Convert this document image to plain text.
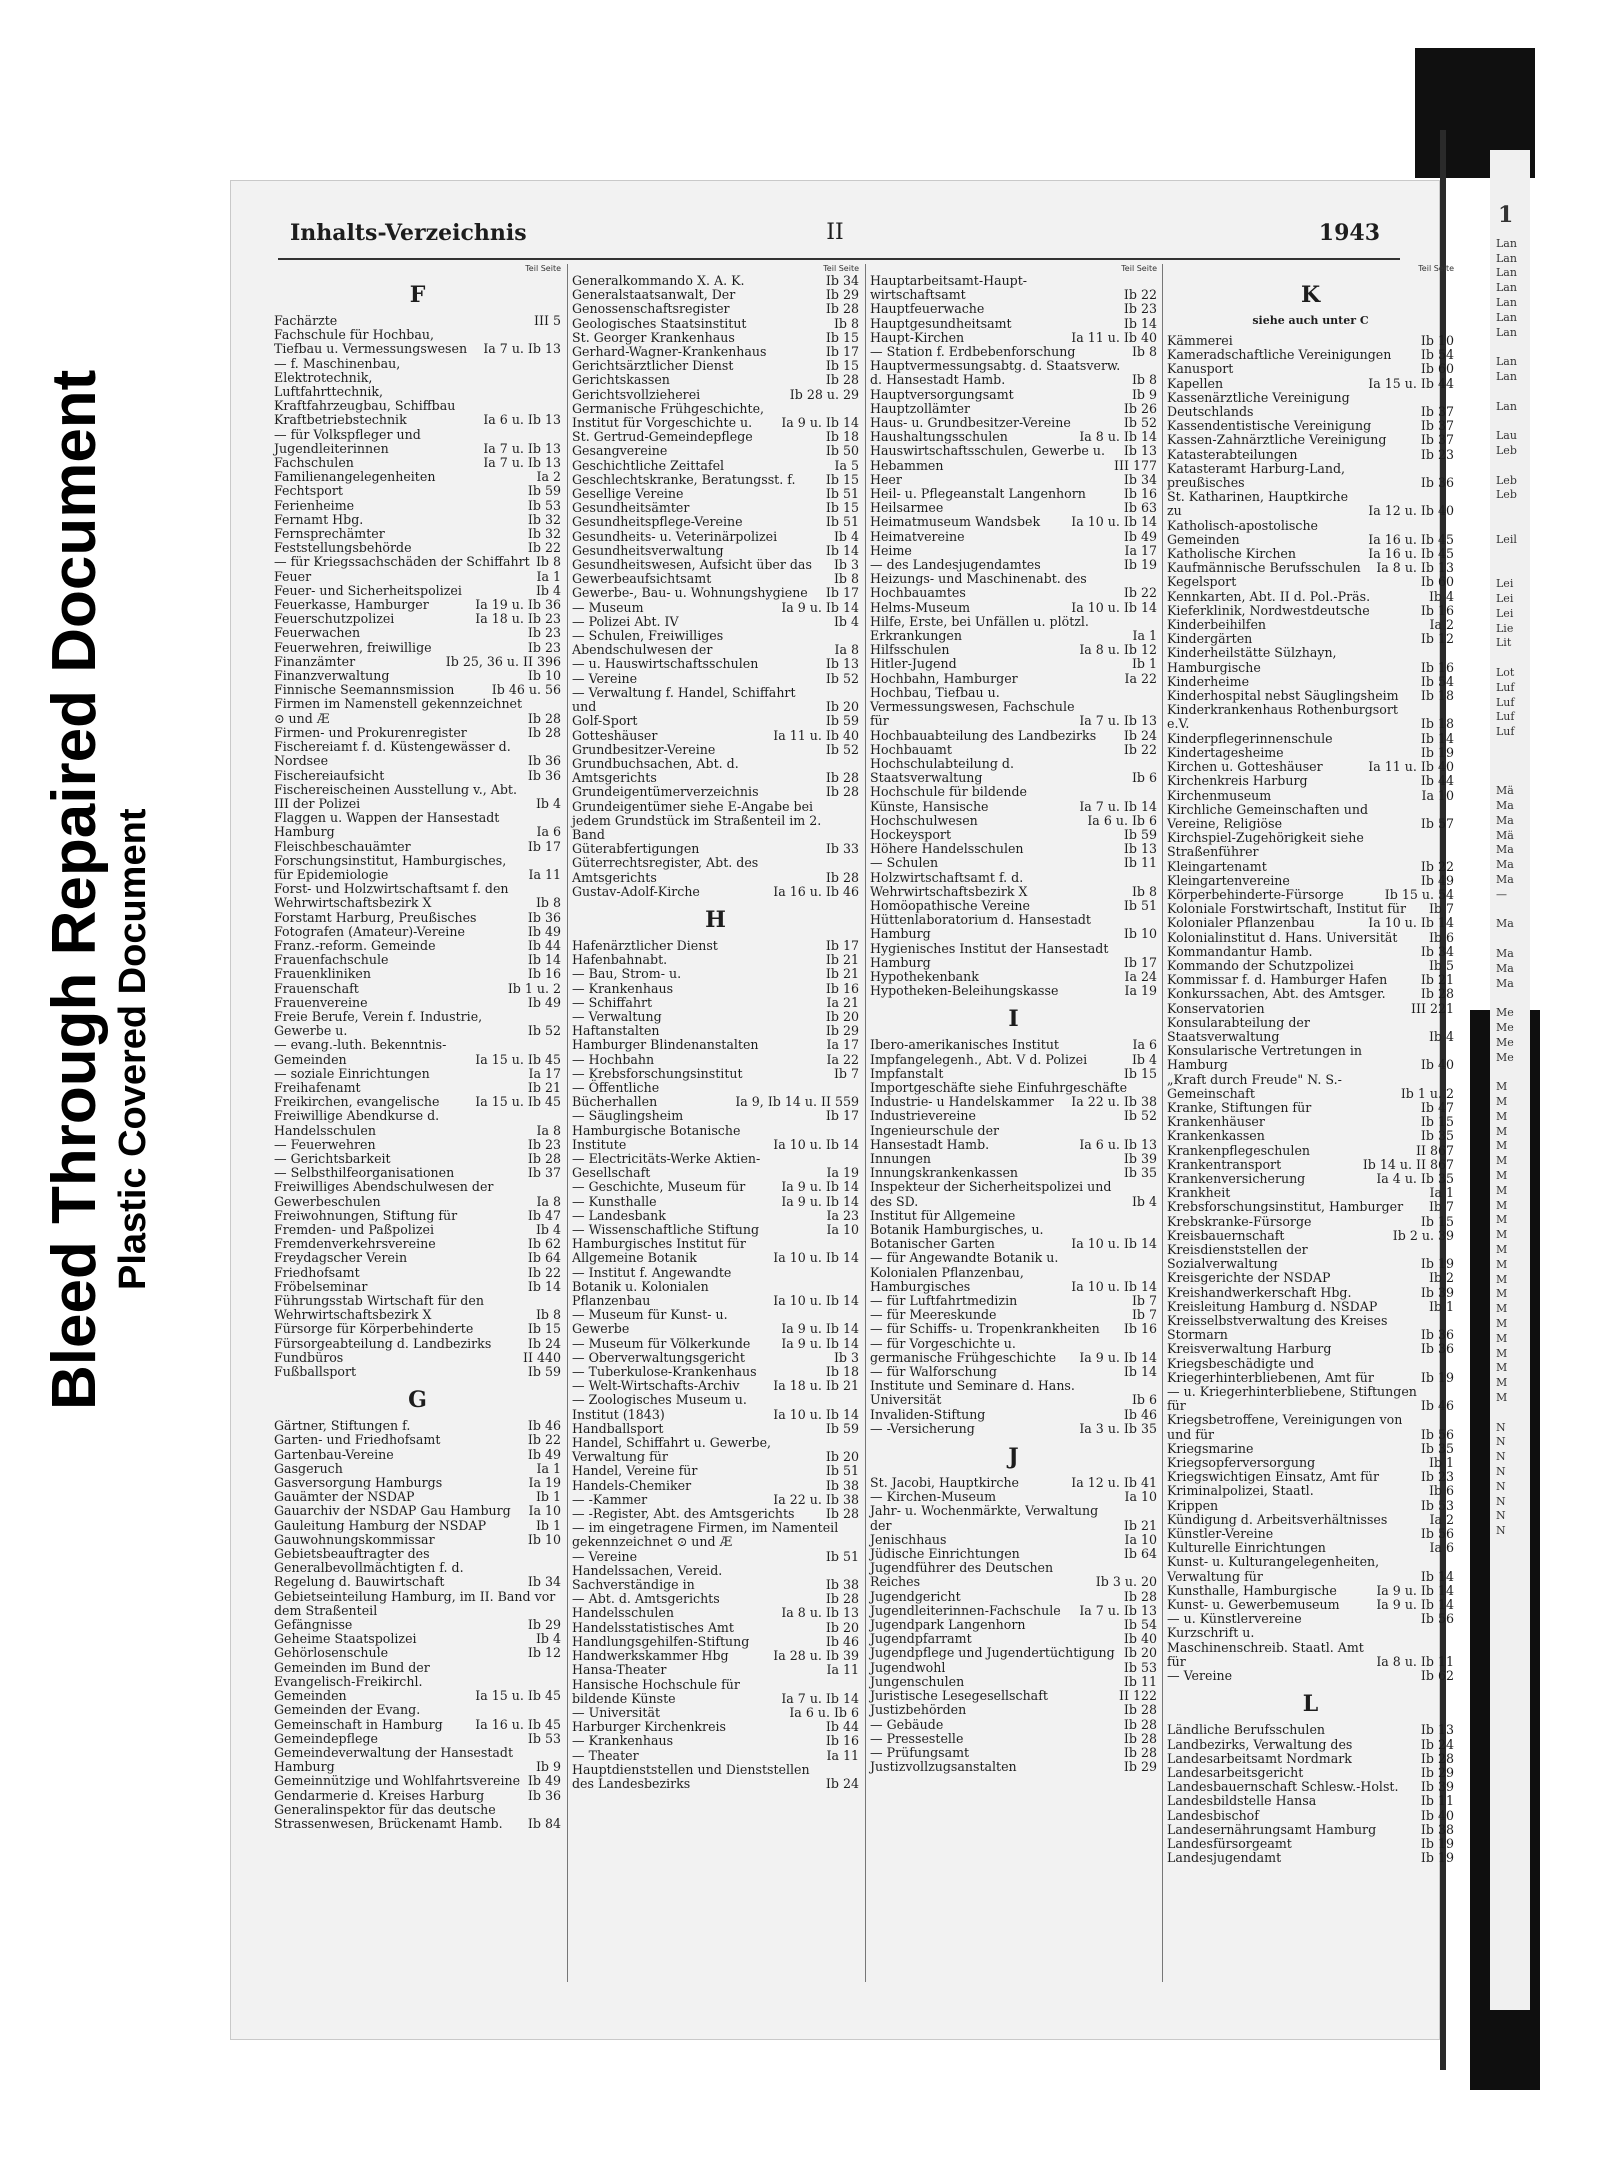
Bleed Through Repaired Document Plastic Covered Document
1
Lan
Lan
Lan
Lan
Lan
Lan
Lan

Lan
Lan

Lan

Lau
Leb

Leb
Leb

Leil

Lei
Lei
Lei
Lie
Lit

Lot
Luf
Luf
Luf
Luf

Mä
Ma
Ma
Mä
Ma
Ma
Ma
—

Ma

Ma
Ma
Ma

Me
Me
Me
Me

M
M
M
M
M
M
M
M
M
M
M
M
M
M
M
M
M
M
M
M
M
M

N
N
N
N
N
N
N
N
Inhalts-Verzeichnis	II	1943
Teil Seite
F
Fachärzte	III 5
Fachschule für Hochbau, Tiefbau u. Vermessungswesen	Ia 7 u. Ib 13
— f. Maschinenbau, Elektrotechnik, Luftfahrttechnik, Kraftfahrzeugbau, Schiffbau Kraftbetriebstechnik	Ia 6 u. Ib 13
— für Volkspfleger und Jugendleiterinnen	Ia 7 u. Ib 13
Fachschulen	Ia 7 u. Ib 13
Familienangelegenheiten	Ia 2
Fechtsport	Ib 59
Ferienheime	Ib 53
Fernamt Hbg.	Ib 32
Fernsprechämter	Ib 32
Feststellungsbehörde	Ib 22
— für Kriegssachschäden der Schiffahrt Ib 8
Feuer	Ia 1
Feuer- und Sicherheitspolizei	Ib 4
Feuerkasse, Hamburger	Ia 19 u. Ib 36
Feuerschutzpolizei	Ia 18 u. Ib 23
Feuerwachen	Ib 23
Feuerwehren, freiwillige	Ib 23
Finanzämter	Ib 25, 36 u. II 396
Finanzverwaltung	Ib 10
Finnische Seemannsmission	Ib 46 u. 56
Firmen im Namenstell gekennzeichnet ⊙ und Æ	Ib 28
Firmen- und Prokurenregister	Ib 28
Fischereiamt f. d. Küstengewässer d. Nordsee	Ib 36
Fischereiaufsicht	Ib 36
Fischereischeinen Ausstellung v., Abt. III der Polizei	Ib 4
Flaggen u. Wappen der Hansestadt Hamburg	Ia 6
Fleischbeschauämter	Ib 17
Forschungsinstitut, Hamburgisches, für Epidemiologie	Ia 11
Forst- und Holzwirtschaftsamt f. den Wehrwirtschaftsbezirk X	Ib 8
Forstamt Harburg, Preußisches	Ib 36
Fotografen (Amateur)-Vereine	Ib 49
Franz.-reform. Gemeinde	Ib 44
Frauenfachschule	Ib 14
Frauenkliniken	Ib 16
Frauenschaft	Ib 1 u. 2
Frauenvereine	Ib 49
Freie Berufe, Verein f. Industrie, Gewerbe u.	Ib 52
— evang.-luth. Bekenntnis-Gemeinden	Ia 15 u. Ib 45
— soziale Einrichtungen	Ia 17
Freihafenamt	Ib 21
Freikirchen, evangelische	Ia 15 u. Ib 45
Freiwillige Abendkurse d. Handelsschulen	Ia 8
— Feuerwehren	Ib 23
— Gerichtsbarkeit	Ib 28
— Selbsthilfeorganisationen	Ib 37
Freiwilliges Abendschulwesen der Gewerbeschulen	Ia 8
Freiwohnungen, Stiftung für	Ib 47
Fremden- und Paßpolizei	Ib 4
Fremdenverkehrsvereine	Ib 62
Freydagscher Verein	Ib 64
Friedhofsamt	Ib 22
Fröbelseminar	Ib 14
Führungsstab Wirtschaft für den Wehrwirtschaftsbezirk X	Ib 8
Fürsorge für Körperbehinderte	Ib 15
Fürsorgeabteilung d. Landbezirks	Ib 24
Fundbüros	II 440
Fußballsport	Ib 59
G
Gärtner, Stiftungen f.	Ib 46
Garten- und Friedhofsamt	Ib 22
Gartenbau-Vereine	Ib 49
Gasgeruch	Ia 1
Gasversorgung Hamburgs	Ia 19
Gauämter der NSDAP	Ib 1
Gauarchiv der NSDAP Gau Hamburg	Ia 10
Gauleitung Hamburg der NSDAP	Ib 1
Gauwohnungskommissar	Ib 10
Gebietsbeauftragter des Generalbevollmächtigten f. d. Regelung d. Bauwirtschaft	Ib 34
Gebietseinteilung Hamburg, im II. Band vor dem Straßenteil
Gefängnisse	Ib 29
Geheime Staatspolizei	Ib 4
Gehörlosenschule	Ib 12
Gemeinden im Bund der Evangelisch-Freikirchl. Gemeinden	Ia 15 u. Ib 45
Gemeinden der Evang. Gemeinschaft in Hamburg	Ia 16 u. Ib 45
Gemeindepflege	Ib 53
Gemeindeverwaltung der Hansestadt Hamburg	Ib 9
Gemeinnützige und Wohlfahrtsvereine Ib 49
Gendarmerie d. Kreises Harburg	Ib 36
Generalinspektor für das deutsche Strassenwesen, Brückenamt Hamb.	Ib 84
Teil Seite
Generalkommando X. A. K.	Ib 34
Generalstaatsanwalt, Der	Ib 29
Genossenschaftsregister	Ib 28
Geologisches Staatsinstitut	Ib 8
St. Georger Krankenhaus	Ib 15
Gerhard-Wagner-Krankenhaus	Ib 17
Gerichtsärztlicher Dienst	Ib 15
Gerichtskassen	Ib 28
Gerichtsvollzieherei	Ib 28 u. 29
Germanische Frühgeschichte, Institut für Vorgeschichte u.	Ia 9 u. Ib 14
St. Gertrud-Gemeindepflege	Ib 18
Gesangvereine	Ib 50
Geschichtliche Zeittafel	Ia 5
Geschlechtskranke, Beratungsst. f.	Ib 15
Gesellige Vereine	Ib 51
Gesundheitsämter	Ib 15
Gesundheitspflege-Vereine	Ib 51
Gesundheits- u. Veterinärpolizei	Ib 4
Gesundheitsverwaltung	Ib 14
Gesundheitswesen, Aufsicht über das	Ib 3
Gewerbeaufsichtsamt	Ib 8
Gewerbe-, Bau- u. Wohnungshygiene	Ib 17
— Museum	Ia 9 u. Ib 14
— Polizei Abt. IV	Ib 4
— Schulen, Freiwilliges Abendschulwesen der	Ia 8
— u. Hauswirtschaftsschulen	Ib 13
— Vereine	Ib 52
— Verwaltung f. Handel, Schiffahrt und	Ib 20
Golf-Sport	Ib 59
Gotteshäuser	Ia 11 u. Ib 40
Grundbesitzer-Vereine	Ib 52
Grundbuchsachen, Abt. d. Amtsgerichts	Ib 28
Grundeigentümerverzeichnis	Ib 28
Grundeigentümer siehe E-Angabe bei jedem Grundstück im Straßenteil im 2. Band
Güterabfertigungen	Ib 33
Güterrechtsregister, Abt. des Amtsgerichts	Ib 28
Gustav-Adolf-Kirche	Ia 16 u. Ib 46
H
Hafenärztlicher Dienst	Ib 17
Hafenbahnabt.	Ib 21
— Bau, Strom- u.	Ib 21
— Krankenhaus	Ib 16
— Schiffahrt	Ia 21
— Verwaltung	Ib 20
Haftanstalten	Ib 29
Hamburger Blindenanstalten	Ia 17
— Hochbahn	Ia 22
— Krebsforschungsinstitut	Ib 7
— Öffentliche Bücherhallen	Ia 9, Ib 14 u. II 559
— Säuglingsheim	Ib 17
Hamburgische Botanische Institute	Ia 10 u. Ib 14
— Electricitäts-Werke Aktien-Gesellschaft	Ia 19
— Geschichte, Museum für	Ia 9 u. Ib 14
— Kunsthalle	Ia 9 u. Ib 14
— Landesbank	Ia 23
— Wissenschaftliche Stiftung	Ia 10
Hamburgisches Institut für Allgemeine Botanik	Ia 10 u. Ib 14
— Institut f. Angewandte Botanik u. Kolonialen Pflanzenbau	Ia 10 u. Ib 14
— Museum für Kunst- u. Gewerbe	Ia 9 u. Ib 14
— Museum für Völkerkunde	Ia 9 u. Ib 14
— Oberverwaltungsgericht	Ib 3
— Tuberkulose-Krankenhaus	Ib 18
— Welt-Wirtschafts-Archiv	Ia 18 u. Ib 21
— Zoologisches Museum u. Institut (1843)	Ia 10 u. Ib 14
Handballsport	Ib 59
Handel, Schiffahrt u. Gewerbe, Verwaltung für	Ib 20
Handel, Vereine für	Ib 51
Handels-Chemiker	Ib 38
— -Kammer	Ia 22 u. Ib 38
— -Register, Abt. des Amtsgerichts	Ib 28
— im eingetragene Firmen, im Namenteil gekennzeichnet ⊙ und Æ
— Vereine	Ib 51
Handelssachen, Vereid. Sachverständige in	Ib 38
— Abt. d. Amtsgerichts	Ib 28
Handelsschulen	Ia 8 u. Ib 13
Handelsstatistisches Amt	Ib 20
Handlungsgehilfen-Stiftung	Ib 46
Handwerkskammer Hbg	Ia 28 u. Ib 39
Hansa-Theater	Ia 11
Hansische Hochschule für bildende Künste	Ia 7 u. Ib 14
— Universität	Ia 6 u. Ib 6
Harburger Kirchenkreis	Ib 44
— Krankenhaus	Ib 16
— Theater	Ia 11
Hauptdienststellen und Dienststellen des Landesbezirks	Ib 24
Teil Seite
Hauptarbeitsamt-Haupt-wirtschaftsamt	Ib 22
Hauptfeuerwache	Ib 23
Hauptgesundheitsamt	Ib 14
Haupt-Kirchen	Ia 11 u. Ib 40
— Station f. Erdbebenforschung	Ib 8
Hauptvermessungsabtg. d. Staatsverw. d. Hansestadt Hamb.	Ib 8
Hauptversorgungsamt	Ib 9
Hauptzollämter	Ib 26
Haus- u. Grundbesitzer-Vereine	Ib 52
Haushaltungsschulen	Ia 8 u. Ib 14
Hauswirtschaftsschulen, Gewerbe u.	Ib 13
Hebammen	III 177
Heer	Ib 34
Heil- u. Pflegeanstalt Langenhorn	Ib 16
Heilsarmee	Ib 63
Heimatmuseum Wandsbek	Ia 10 u. Ib 14
Heimatvereine	Ib 49
Heime	Ia 17
— des Landesjugendamtes	Ib 19
Heizungs- und Maschinenabt. des Hochbauamtes	Ib 22
Helms-Museum	Ia 10 u. Ib 14
Hilfe, Erste, bei Unfällen u. plötzl. Erkrankungen	Ia 1
Hilfsschulen	Ia 8 u. Ib 12
Hitler-Jugend	Ib 1
Hochbahn, Hamburger	Ia 22
Hochbau, Tiefbau u. Vermessungswesen, Fachschule für	Ia 7 u. Ib 13
Hochbauabteilung des Landbezirks	Ib 24
Hochbauamt	Ib 22
Hochschulabteilung d. Staatsverwaltung	Ib 6
Hochschule für bildende Künste, Hansische	Ia 7 u. Ib 14
Hochschulwesen	Ia 6 u. Ib 6
Hockeysport	Ib 59
Höhere Handelsschulen	Ib 13
— Schulen	Ib 11
Holzwirtschaftsamt f. d. Wehrwirtschaftsbezirk X	Ib 8
Homöopathische Vereine	Ib 51
Hüttenlaboratorium d. Hansestadt Hamburg	Ib 10
Hygienisches Institut der Hansestadt Hamburg	Ib 17
Hypothekenbank	Ia 24
Hypotheken-Beleihungskasse	Ia 19
I
Ibero-amerikanisches Institut	Ia 6
Impfangelegenh., Abt. V d. Polizei	Ib 4
Impfanstalt	Ib 15
Importgeschäfte siehe Einfuhrgeschäfte
Industrie- u Handelskammer	Ia 22 u. Ib 38
Industrievereine	Ib 52
Ingenieurschule der Hansestadt Hamb.	Ia 6 u. Ib 13
Innungen	Ib 39
Innungskrankenkassen	Ib 35
Inspekteur der Sicherheitspolizei und des SD.	Ib 4
Institut für Allgemeine Botanik Hamburgisches, u. Botanischer Garten	Ia 10 u. Ib 14
— für Angewandte Botanik u. Kolonialen Pflanzenbau, Hamburgisches	Ia 10 u. Ib 14
— für Luftfahrtmedizin	Ib 7
— für Meereskunde	Ib 7
— für Schiffs- u. Tropenkrankheiten	Ib 16
— für Vorgeschichte u. germanische Frühgeschichte	Ia 9 u. Ib 14
— für Walforschung	Ib 14
Institute und Seminare d. Hans. Universität	Ib 6
Invaliden-Stiftung	Ib 46
— -Versicherung	Ia 3 u. Ib 35
J
St. Jacobi, Hauptkirche	Ia 12 u. Ib 41
— Kirchen-Museum	Ia 10
Jahr- u. Wochenmärkte, Verwaltung der	Ib 21
Jenischhaus	Ia 10
Jüdische Einrichtungen	Ib 64
Jugendführer des Deutschen Reiches	Ib 3 u. 20
Jugendgericht	Ib 28
Jugendleiterinnen-Fachschule	Ia 7 u. Ib 13
Jugendpark Langenhorn	Ib 54
Jugendpfarramt	Ib 40
Jugendpflege und Jugendertüchtigung Ib 20
Jugendwohl	Ib 53
Jungenschulen	Ib 11
Juristische Lesegesellschaft	II 122
Justizbehörden	Ib 28
— Gebäude	Ib 28
— Pressestelle	Ib 28
— Prüfungsamt	Ib 28
Justizvollzugsanstalten	Ib 29
Teil Seite
K
siehe auch unter C
Kämmerei	Ib 10
Kameradschaftliche Vereinigungen	Ib 54
Kanusport	Ib 60
Kapellen	Ia 15 u. Ib 44
Kassenärztliche Vereinigung Deutschlands	Ib 37
Kassendentistische Vereinigung	Ib 37
Kassen-Zahnärztliche Vereinigung	Ib 37
Katasterabteilungen	Ib 23
Katasteramt Harburg-Land, preußisches	Ib 36
St. Katharinen, Hauptkirche zu	Ia 12 u. Ib 40
Katholisch-apostolische Gemeinden	Ia 16 u. Ib 45
Katholische Kirchen	Ia 16 u. Ib 45
Kaufmännische Berufsschulen	Ia 8 u. Ib 13
Kegelsport	Ib 60
Kennkarten, Abt. II d. Pol.-Präs.	Ib 4
Kieferklinik, Nordwestdeutsche	Ib 16
Kinderbeihilfen	Ia 2
Kindergärten	Ib 12
Kinderheilstätte Sülzhayn, Hamburgische	Ib 16
Kinderheime	Ib 54
Kinderhospital nebst Säuglingsheim	Ib 18
Kinderkrankenhaus Rothenburgsort e.V.	Ib 18
Kinderpflegerinnenschule	Ib 14
Kindertagesheime	Ib 19
Kirchen u. Gotteshäuser	Ia 11 u. Ib 40
Kirchenkreis Harburg	Ib 44
Kirchenmuseum	Ia 10
Kirchliche Gemeinschaften und Vereine, Religiöse	Ib 57
Kirchspiel-Zugehörigkeit siehe Straßenführer
Kleingartenamt	Ib 22
Kleingartenvereine	Ib 49
Körperbehinderte-Fürsorge	Ib 15 u. 54
Koloniale Forstwirtschaft, Institut für	Ib 7
Kolonialer Pflanzenbau	Ia 10 u. Ib 14
Kolonialinstitut d. Hans. Universität	Ib 6
Kommandantur Hamb.	Ib 34
Kommando der Schutzpolizei	Ib 5
Kommissar f. d. Hamburger Hafen	Ib 21
Konkurssachen, Abt. des Amtsger.	Ib 28
Konservatorien	III 221
Konsularabteilung der Staatsverwaltung	Ib 4
Konsularische Vertretungen in Hamburg	Ib 40
„Kraft durch Freude" N. S.-Gemeinschaft	Ib 1 u. 2
Kranke, Stiftungen für	Ib 47
Krankenhäuser	Ib 15
Krankenkassen	Ib 35
Krankenpflegeschulen	II 867
Krankentransport	Ib 14 u. II 867
Krankenversicherung	Ia 4 u. Ib 35
Krankheit	Ia 1
Krebsforschungsinstitut, Hamburger	Ib 7
Krebskranke-Fürsorge	Ib 15
Kreisbauernschaft	Ib 2 u. 39
Kreisdienststellen der Sozialverwaltung	Ib 19
Kreisgerichte der NSDAP	Ib 2
Kreishandwerkerschaft Hbg.	Ib 39
Kreisleitung Hamburg d. NSDAP	Ib 1
Kreisselbstverwaltung des Kreises Stormarn	Ib 36
Kreisverwaltung Harburg	Ib 36
Kriegsbeschädigte und Kriegerhinterbliebenen, Amt für	Ib 19
— u. Kriegerhinterbliebene, Stiftungen für	Ib 46
Kriegsbetroffene, Vereinigungen von und für	Ib 56
Kriegsmarine	Ib 35
Kriegsopferversorgung	Ib 1
Kriegswichtigen Einsatz, Amt für	Ib 23
Kriminalpolizei, Staatl.	Ib 6
Krippen	Ib 53
Kündigung d. Arbeitsverhältnisses	Ia 2
Künstler-Vereine	Ib 56
Kulturelle Einrichtungen	Ia 6
Kunst- u. Kulturangelegenheiten, Verwaltung für	Ib 14
Kunsthalle, Hamburgische	Ia 9 u. Ib 14
Kunst- u. Gewerbemuseum	Ia 9 u. Ib 14
— u. Künstlervereine	Ib 56
Kurzschrift u. Maschinenschreib. Staatl. Amt für	Ia 8 u. Ib 11
— Vereine	Ib 62
L
Ländliche Berufsschulen	Ib 13
Landbezirks, Verwaltung des	Ib 24
Landesarbeitsamt Nordmark	Ib 28
Landesarbeitsgericht	Ib 29
Landesbauernschaft Schlesw.-Holst.	Ib 39
Landesbildstelle Hansa	Ib 11
Landesbischof	Ib 40
Landesernährungsamt Hamburg	Ib 38
Landesfürsorgeamt	Ib 19
Landesjugendamt	Ib 19
